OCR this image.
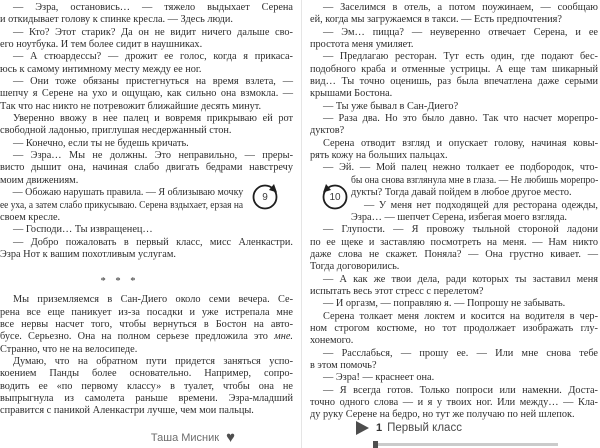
— Эзра, остановись… — тяжело выдыхает Серена
и откидывает голову к спинке кресла. — Здесь люди.
— Кто? Этот старик? Да он не видит ничего дальше сво-
его ноутбука. И тем более сидит в наушниках.
— А стюардессы? — дрожит ее голос, когда я прикаса-
юсь к самому интимному месту между ее ног.
— Они тоже обязаны пристегнуться на время взлета, —
шепчу я Серене на ухо и ощущаю, как сильно она взмокла. —
Так что нас никто не потревожит ближайшие десять минут.
Уверенно ввожу в нее палец и вовремя прикрываю ей рот
свободной ладонью, приглушая несдержанный стон.
— Конечно, если ты не будешь кричать.
— Эзра… Мы не должны. Это неправильно, — преры-
висто дышит она, начиная слабо двигать бедрами навстречу
моим движениям.
— Обожаю нарушать правила. — Я облизываю мочку
ее уха, а затем слабо прикусываю. Серена вздыхает, ерзая на
своем кресле.
— Господи… Ты извращенец…
— Добро пожаловать в первый класс, мисс Аленкастри.
Эзра Нот к вашим похотливым услугам.
* * *
Мы приземляемся в Сан-Диего около семи вечера. Се-
рена все еще паникует из-за посадки и уже истрепала мне
все нервы насчет того, чтобы вернуться в Бостон на авто-
бусе. Серьезно. Она на полном серьезе предложила это мне.
Странно, что не на велосипеде.
Думаю, что на обратном пути придется заняться успо-
коением Панды более основательно. Например, сопро-
водить ее «по первому классу» в туалет, чтобы она не
выпрыгнула из самолета раньше времени. Эзра-младший
справится с паникой Аленкастри лучше, чем мои пальцы.
Таша Мисник ♥
— Заселимся в отель, а потом поужинаем, — сообщаю
ей, когда мы загружаемся в такси. — Есть предпочтения?
— Эм… пицца? — неуверенно отвечает Серена, и ее
простота меня умиляет.
— Предлагаю ресторан. Тут есть один, где подают бес-
подобного краба и отменные устрицы. А еще там шикарный
вид… Ты точно оценишь, раз была впечатлена даже серыми
крышами Бостона.
— Ты уже бывал в Сан-Диего?
— Раза два. Но это было давно. Так что насчет морепро-
дуктов?
Серена отводит взгляд и опускает голову, начиная ковы-
рять кожу на больших пальцах.
— Эй. — Мой палец нежно толкает ее подбородок, что-
бы она снова взглянула мне в глаза. — Не любишь морепро-
дукты? Тогда давай пойдем в любое другое место.
— У меня нет подходящей для ресторана одежды,
Эзра… — шепчет Серена, избегая моего взгляда.
— Глупости. — Я провожу тыльной стороной ладони
по ее щеке и заставляю посмотреть на меня. — Нам никто
даже слова не скажет. Поняла? — Она грустно кивает. —
Тогда договорились.
— А как же твои дела, ради которых ты заставил меня
испытать весь этот стресс с перелетом?
— И оргазм, — поправляю я. — Попрошу не забывать.
Серена толкает меня локтем и косится на водителя в чер-
ном строгом костюме, но тот продолжает изображать глу-
хонемого.
— Расслабься, — прошу ее. — Или мне снова тебе
в этом помочь?
— Эзра! — краснеет она.
— Я всегда готов. Только попроси или намекни. Доста-
точно одного слова — и я у твоих ног. Или между… — Кла-
ду руку Серене на бедро, но тут же получаю по ней шлепок.
1 Первый класс
9	10
